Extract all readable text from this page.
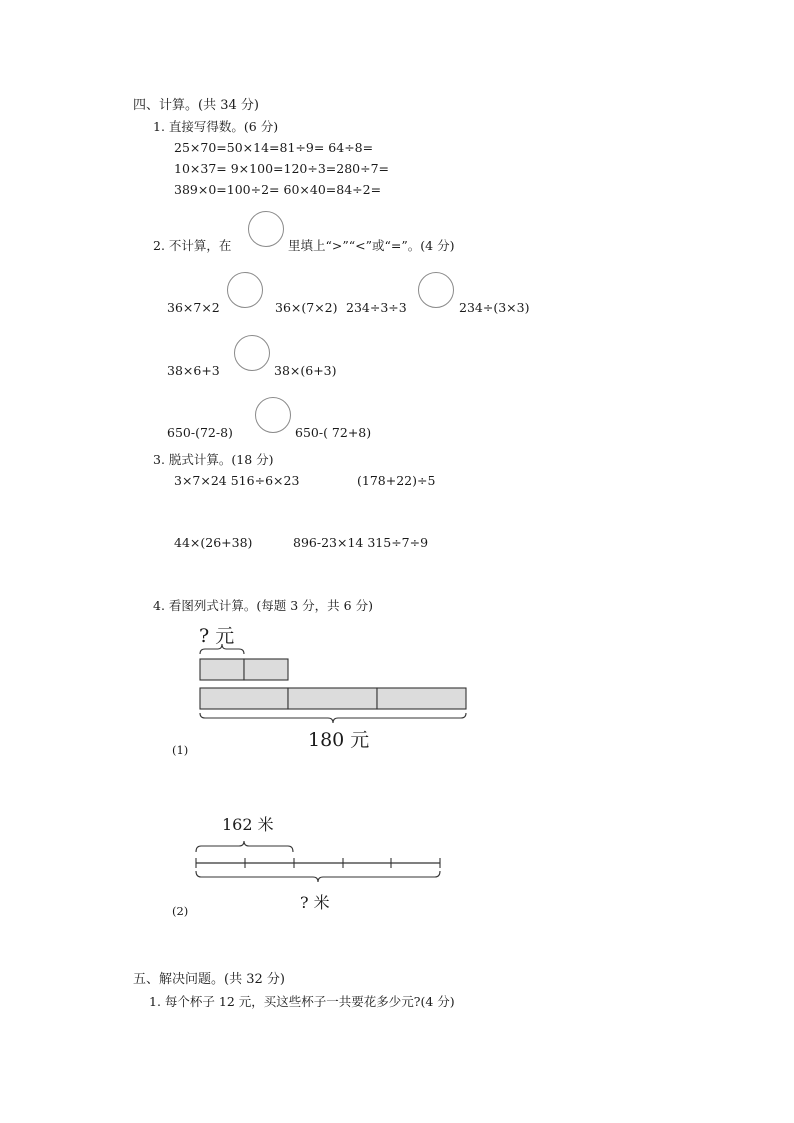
四、计算。(共 34 分)
1. 直接写得数。(6 分)
25×70=50×14=81÷9= 64÷8=
10×37= 9×100=120÷3=280÷7=
389×0=100÷2= 60×40=84÷2=
2. 不计算，在	里填上“>”“<”或“=”。(4 分)
36×7×2	36×(7×2) 234÷3÷3	234÷(3×3)
38×6+3	38×(6+3)
650-(72-8)	650-( 72+8)
3. 脱式计算。(18 分)
3×7×24 516÷6×23	(178+22)÷5
44×(26+38)	896-23×14 315÷7÷9
4. 看图列式计算。(每题 3 分，共 6 分)
? 元
180 元
(1)
162 米
? 米
(2)
五、解决问题。(共 32 分)
1. 每个杯子 12 元，买这些杯子一共要花多少元?(4 分)
